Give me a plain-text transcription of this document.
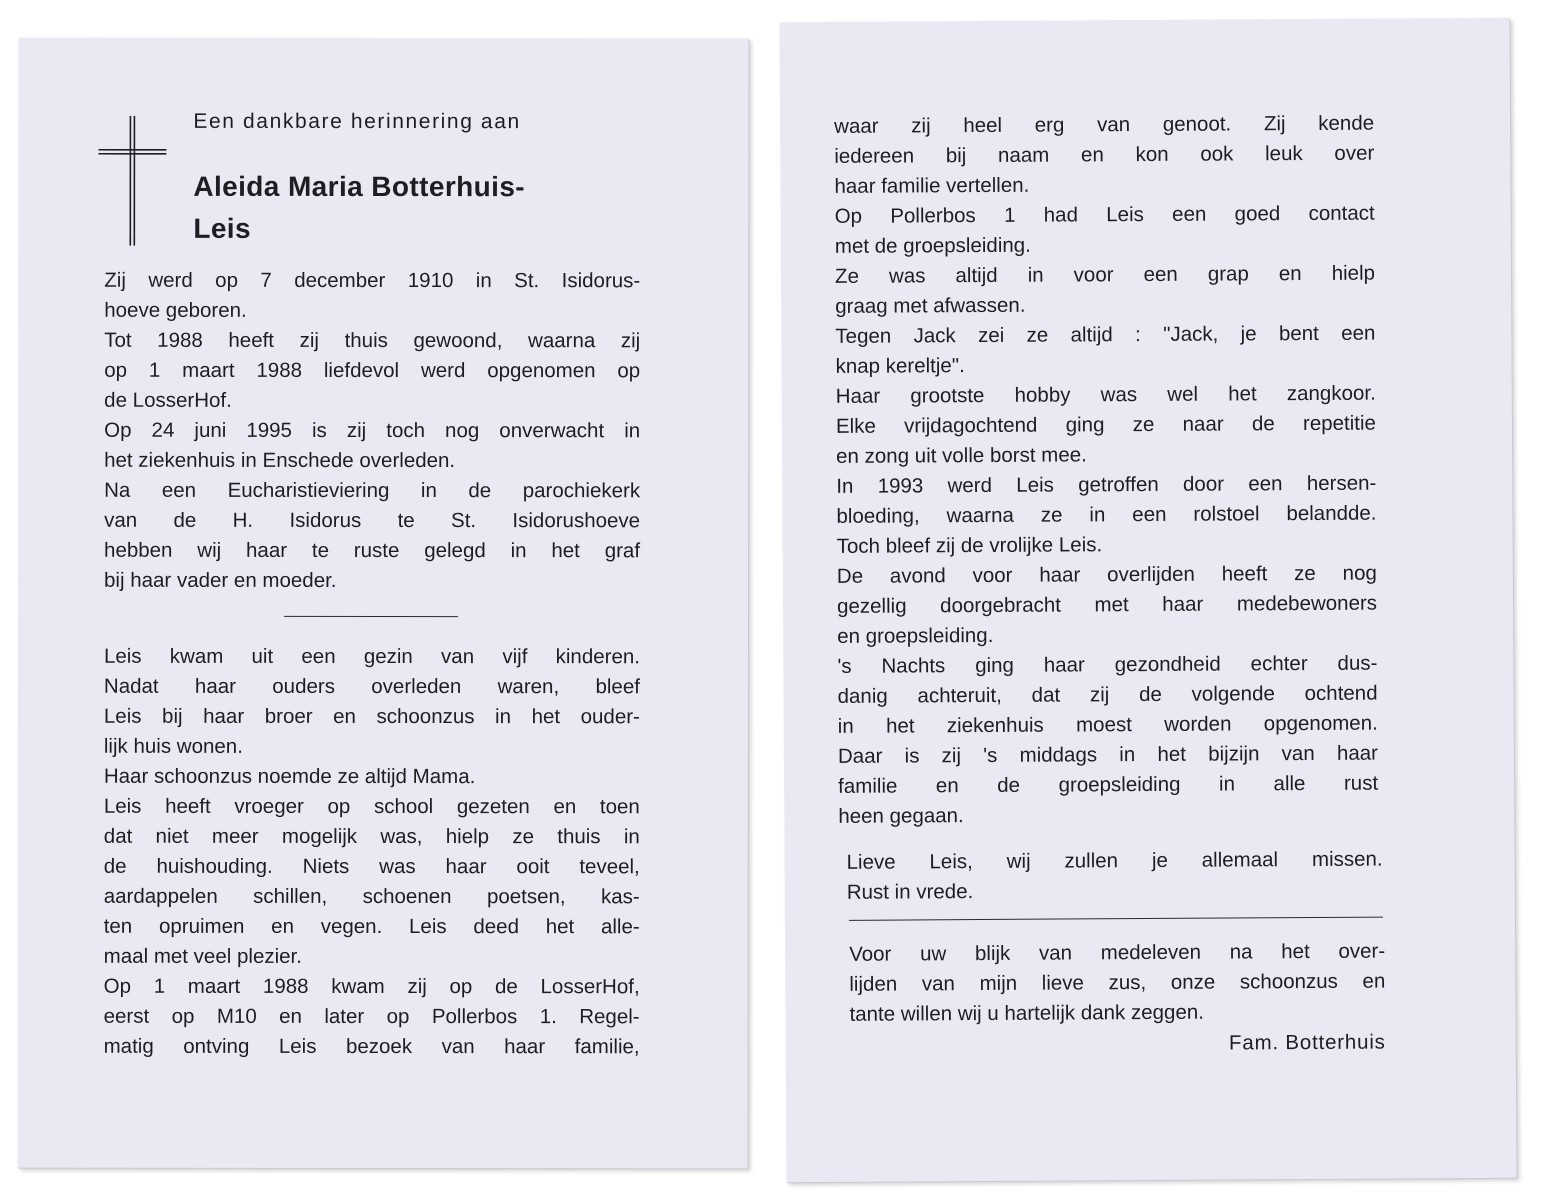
Een dankbare herinnering aan
Aleida Maria Botterhuis-
Leis
Zij werd op 7 december 1910 in St. Isidorus-
hoeve geboren.
Tot 1988 heeft zij thuis gewoond, waarna zij
op 1 maart 1988 liefdevol werd opgenomen op
de LosserHof.
Op 24 juni 1995 is zij toch nog onverwacht in
het ziekenhuis in Enschede overleden.
Na een Eucharistieviering in de parochiekerk
van de H. Isidorus te St. Isidorushoeve
hebben wij haar te ruste gelegd in het graf
bij haar vader en moeder.
Leis kwam uit een gezin van vijf kinderen.
Nadat haar ouders overleden waren, bleef
Leis bij haar broer en schoonzus in het ouder-
lijk huis wonen.
Haar schoonzus noemde ze altijd Mama.
Leis heeft vroeger op school gezeten en toen
dat niet meer mogelijk was, hielp ze thuis in
de huishouding. Niets was haar ooit teveel,
aardappelen schillen, schoenen poetsen, kas-
ten opruimen en vegen. Leis deed het alle-
maal met veel plezier.
Op 1 maart 1988 kwam zij op de LosserHof,
eerst op M10 en later op Pollerbos 1. Regel-
matig ontving Leis bezoek van haar familie,
waar zij heel erg van genoot. Zij kende
iedereen bij naam en kon ook leuk over
haar familie vertellen.
Op Pollerbos 1 had Leis een goed contact
met de groepsleiding.
Ze was altijd in voor een grap en hielp
graag met afwassen.
Tegen Jack zei ze altijd : "Jack, je bent een
knap kereltje".
Haar grootste hobby was wel het zangkoor.
Elke vrijdagochtend ging ze naar de repetitie
en zong uit volle borst mee.
In 1993 werd Leis getroffen door een hersen-
bloeding, waarna ze in een rolstoel belandde.
Toch bleef zij de vrolijke Leis.
De avond voor haar overlijden heeft ze nog
gezellig doorgebracht met haar medebewoners
en groepsleiding.
's Nachts ging haar gezondheid echter dus-
danig achteruit, dat zij de volgende ochtend
in het ziekenhuis moest worden opgenomen.
Daar is zij 's middags in het bijzijn van haar
familie en de groepsleiding in alle rust
heen gegaan.
Lieve Leis, wij zullen je allemaal missen.
Rust in vrede.
Voor uw blijk van medeleven na het over-
lijden van mijn lieve zus, onze schoonzus en
tante willen wij u hartelijk dank zeggen.
Fam. Botterhuis
